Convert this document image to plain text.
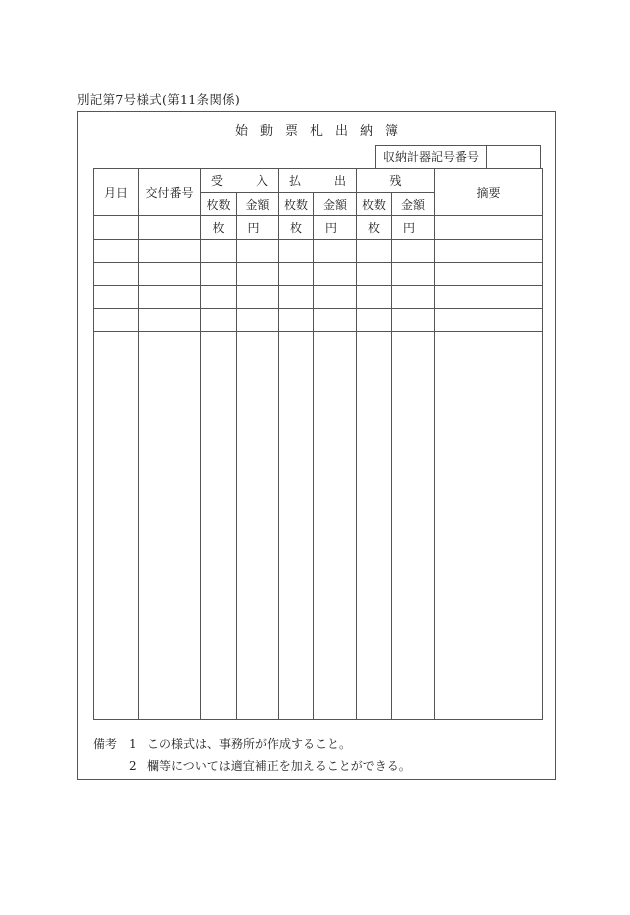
別記第7号様式(第11条関係)
始 動 票 札 出 納 簿
収納計器記号番号
月日	交付番号	受 入		払 出		残		摘要
		枚数	金額	枚数	金額	枚数	金額	
		枚	円	枚	円	枚	円	

備考 1 この様式は、事務所が作成すること。
2 欄等については適宜補正を加えることができる。
